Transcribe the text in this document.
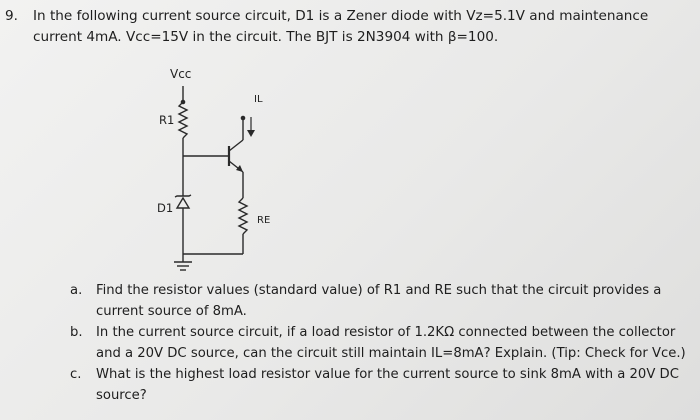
9. In the following current source circuit, D1 is a Zener diode with Vz=5.1V and maintenance current 4mA. Vcc=15V in the circuit. The BJT is 2N3904 with β=100.
Vcc
R1
IL
D1
RE
a. Find the resistor values (standard value) of R1 and RE such that the circuit provides a current source of 8mA.
b. In the current source circuit, if a load resistor of 1.2KΩ connected between the collector and a 20V DC source, can the circuit still maintain IL=8mA? Explain. (Tip: Check for Vce.)
c. What is the highest load resistor value for the current source to sink 8mA with a 20V DC source?
